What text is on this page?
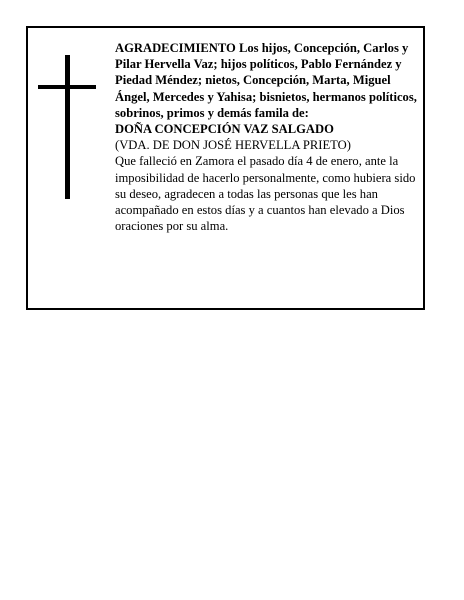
AGRADECIMIENTO Los hijos, Concepción, Carlos y Pilar Hervella Vaz; hijos políticos, Pablo Fernández y Piedad Méndez; nietos, Concepción, Marta, Miguel Ángel, Mercedes y Yahisa; bisnietos, hermanos políticos, sobrinos, primos y demás famila de:

DOÑA CONCEPCIÓN VAZ SALGADO

(VDA. DE DON JOSÉ HERVELLA PRIETO)

Que falleció en Zamora el pasado día 4 de enero, ante la imposibilidad de hacerlo personalmente, como hubiera sido su deseo, agradecen a todas las personas que les han acompañado en estos días y a cuantos han elevado a Dios oraciones por su alma.
